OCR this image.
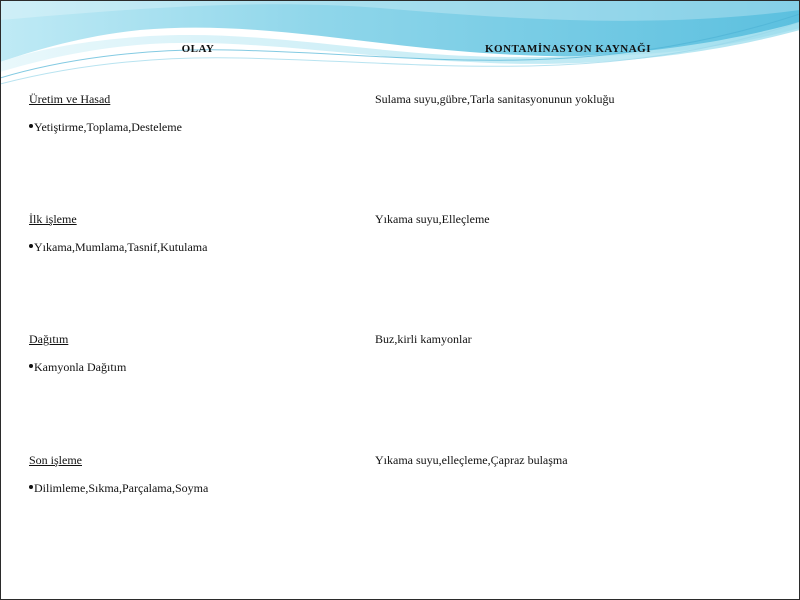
OLAY	KONTAMİNASYON KAYNAĞI
Üretim ve Hasad
Yetiştirme,Toplama,Desteleme
Sulama suyu,gübre,Tarla sanitasyonunun yokluğu
İlk işleme
Yıkama,Mumlama,Tasnif,Kutulama
Yıkama suyu,Elleçleme
Dağıtım
Kamyonla Dağıtım
Buz,kirli kamyonlar
Son işleme
Dilimleme,Sıkma,Parçalama,Soyma
Yıkama suyu,elleçleme,Çapraz bulaşma
